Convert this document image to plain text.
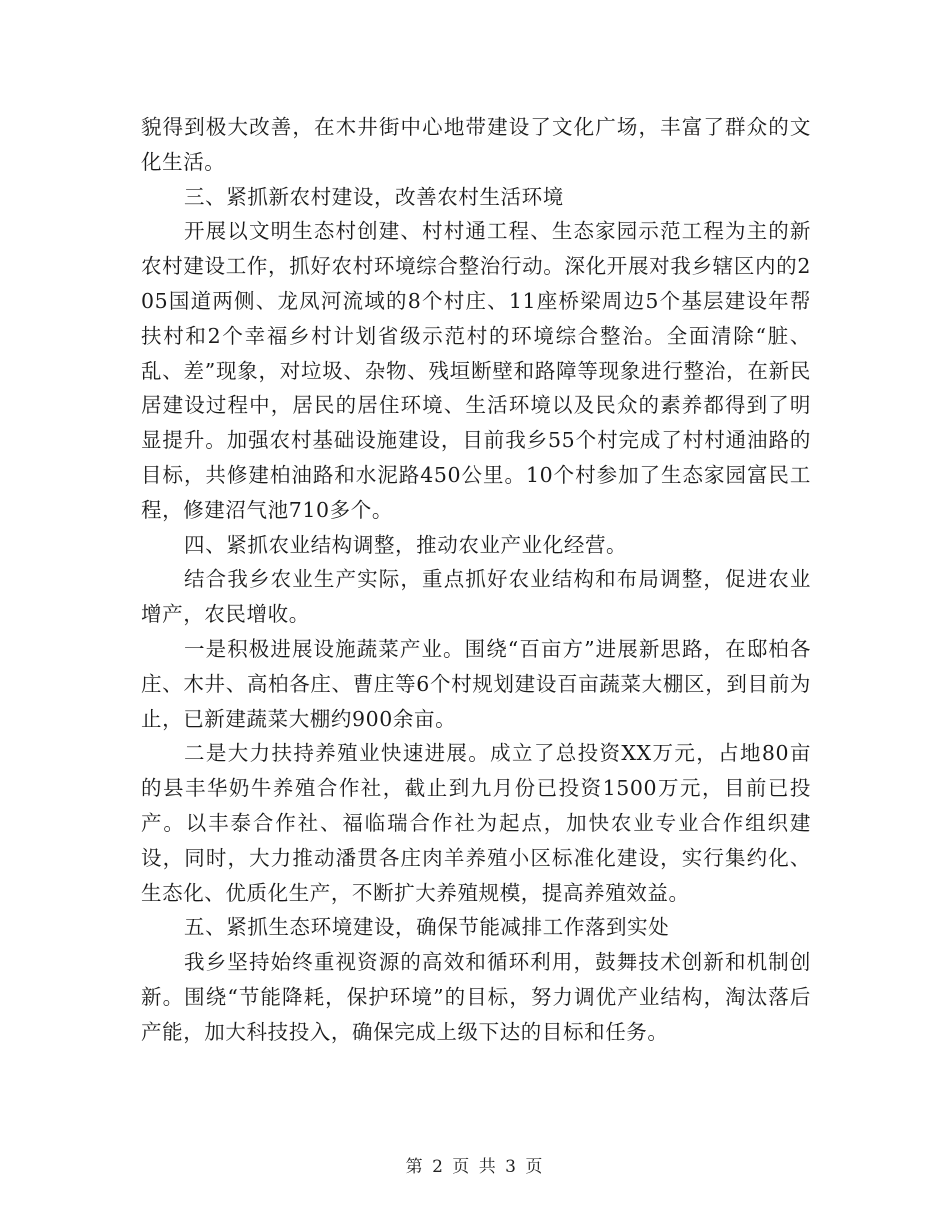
貌得到极大改善，在木井街中心地带建设了文化广场，丰富了群众的文化生活。

三、紧抓新农村建设，改善农村生活环境

开展以文明生态村创建、村村通工程、生态家园示范工程为主的新农村建设工作，抓好农村环境综合整治行动。深化开展对我乡辖区内的205国道两侧、龙凤河流域的8个村庄、11座桥梁周边5个基层建设年帮扶村和2个幸福乡村计划省级示范村的环境综合整治。全面清除“脏、乱、差”现象，对垃圾、杂物、残垣断壁和路障等现象进行整治，在新民居建设过程中，居民的居住环境、生活环境以及民众的素养都得到了明显提升。加强农村基础设施建设，目前我乡55个村完成了村村通油路的目标，共修建柏油路和水泥路450公里。10个村参加了生态家园富民工程，修建沼气池710多个。

四、紧抓农业结构调整，推动农业产业化经营。

结合我乡农业生产实际，重点抓好农业结构和布局调整，促进农业增产，农民增收。

一是积极进展设施蔬菜产业。围绕“百亩方”进展新思路，在邸柏各庄、木井、高柏各庄、曹庄等6个村规划建设百亩蔬菜大棚区，到目前为止，已新建蔬菜大棚约900余亩。

二是大力扶持养殖业快速进展。成立了总投资XX万元，占地80亩的县丰华奶牛养殖合作社，截止到九月份已投资1500万元，目前已投产。以丰泰合作社、福临瑞合作社为起点，加快农业专业合作组织建设，同时，大力推动潘贯各庄肉羊养殖小区标准化建设，实行集约化、生态化、优质化生产，不断扩大养殖规模，提高养殖效益。

五、紧抓生态环境建设，确保节能减排工作落到实处

我乡坚持始终重视资源的高效和循环利用，鼓舞技术创新和机制创新。围绕“节能降耗，保护环境”的目标，努力调优产业结构，淘汰落后产能，加大科技投入，确保完成上级下达的目标和任务。

第 2 页 共 3 页
